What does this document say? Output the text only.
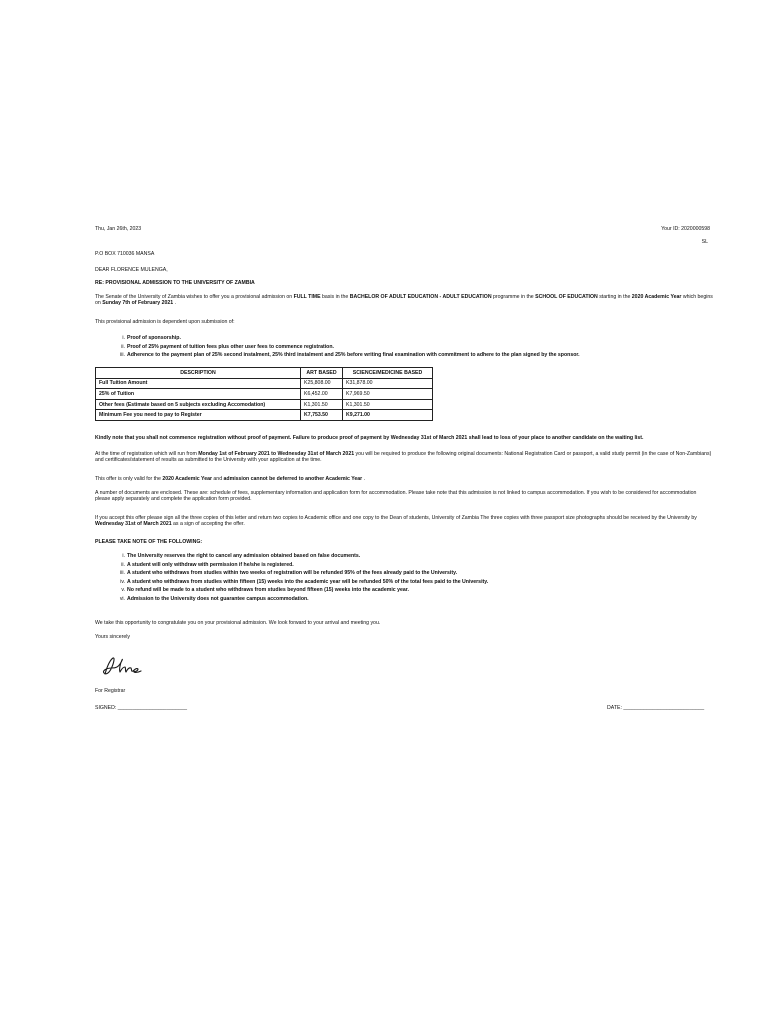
Thu, Jan 26th, 2023	Your ID: 2020000598
SL
P.O BOX 710036 MANSA
DEAR FLORENCE MULENGA,
RE: PROVISIONAL ADMISSION TO THE UNIVERSITY OF ZAMBIA
The Senate of the University of Zambia wishes to offer you a provisional admission on FULL TIME basis in the BACHELOR OF ADULT EDUCATION - ADULT EDUCATION programme in the SCHOOL OF EDUCATION starting in the 2020 Academic Year which begins on Sunday 7th of February 2021 .
This provisional admission is dependent upon submission of:
i. Proof of sponsorship.
ii. Proof of 25% payment of tuition fees plus other user fees to commence registration.
iii. Adherence to the payment plan of 25% second instalment, 25% third instalment and 25% before writing final examination with commitment to adhere to the plan signed by the sponsor.
DESCRIPTION	ART BASED	SCIENCE/MEDICINE BASED
Full Tuition Amount	K25,808.00	K31,878.00
25% of Tuition	K6,452.00	K7,969.50
Other fees (Estimate based on 5 subjects excluding Accomodation)	K1,301.50	K1,301.50
Minimum Fee you need to pay to Register	K7,753.50	K9,271.00
Kindly note that you shall not commence registration without proof of payment. Failure to produce proof of payment by Wednesday 31st of March 2021 shall lead to loss of your place to another candidate on the waiting list.
At the time of registration which will run from Monday 1st of February 2021 to Wednesday 31st of March 2021 you will be required to produce the following original documents: National Registration Card or passport, a valid study permit (in the case of Non-Zambians) and certificates/statement of results as submitted to the University with your application at the time.
This offer is only valid for the 2020 Academic Year and admission cannot be deferred to another Academic Year .
A number of documents are enclosed. These are: schedule of fees, supplementary information and application form for accommodation. Please take note that this admission is not linked to campus accommodation. If you wish to be considered for accommodation please apply separately and complete the application form provided.
If you accept this offer please sign all the three copies of this letter and return two copies to Academic office and one copy to the Dean of students, University of Zambia The three copies with three passport size photographs should be received by the University by Wednesday 31st of March 2021 as a sign of accepting the offer.
PLEASE TAKE NOTE OF THE FOLLOWING:
i. The University reserves the right to cancel any admission obtained based on false documents.
ii. A student will only withdraw with permission if he/she is registered.
iii. A student who withdraws from studies within two weeks of registration will be refunded 95% of the fees already paid to the University.
iv. A student who withdraws from studies within fifteen (15) weeks into the academic year will be refunded 50% of the total fees paid to the University.
v. No refund will be made to a student who withdraws from studies beyond fifteen (15) weeks into the academic year.
vi. Admission to the University does not guarantee campus accommodation.
We take this opportunity to congratulate you on your provisional admission. We look forward to your arrival and meeting you.
Yours sincerely
For Registrar
SIGNED: ________________________	DATE: ____________________________
